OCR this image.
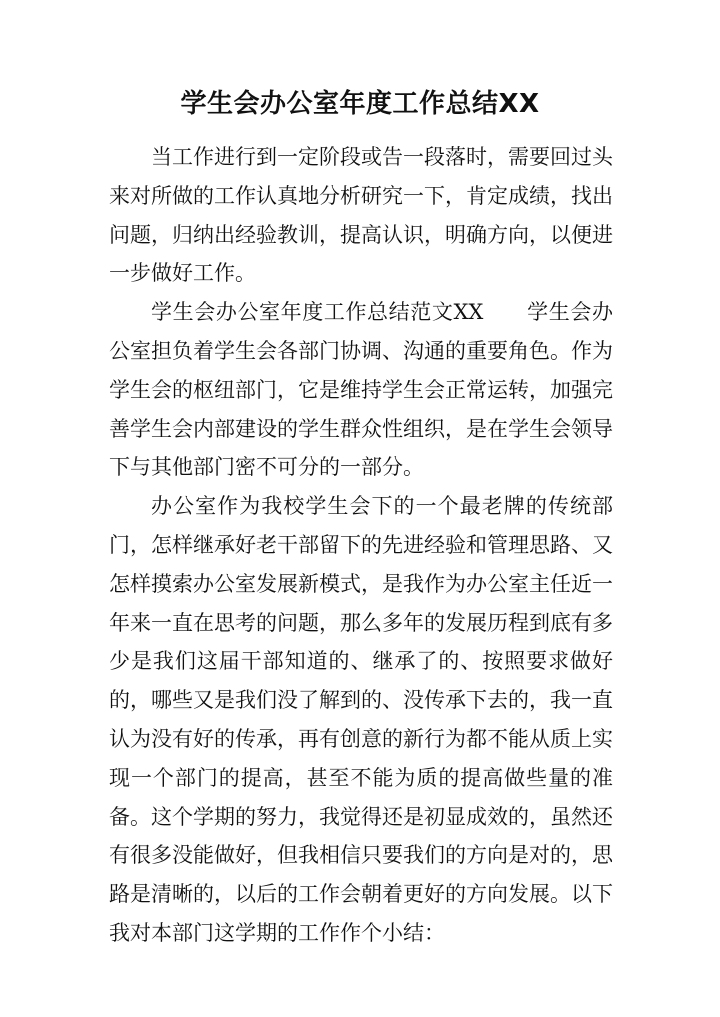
学生会办公室年度工作总结XX

当工作进行到一定阶段或告一段落时，需要回过头来对所做的工作认真地分析研究一下，肯定成绩，找出问题，归纳出经验教训，提高认识，明确方向，以便进一步做好工作。

学生会办公室年度工作总结范文XX　　学生会办公室担负着学生会各部门协调、沟通的重要角色。作为学生会的枢纽部门，它是维持学生会正常运转，加强完善学生会内部建设的学生群众性组织，是在学生会领导下与其他部门密不可分的一部分。

办公室作为我校学生会下的一个最老牌的传统部门，怎样继承好老干部留下的先进经验和管理思路、又怎样摸索办公室发展新模式，是我作为办公室主任近一年来一直在思考的问题，那么多年的发展历程到底有多少是我们这届干部知道的、继承了的、按照要求做好的，哪些又是我们没了解到的、没传承下去的，我一直认为没有好的传承，再有创意的新行为都不能从质上实现一个部门的提高，甚至不能为质的提高做些量的准备。这个学期的努力，我觉得还是初显成效的，虽然还有很多没能做好，但我相信只要我们的方向是对的，思路是清晰的，以后的工作会朝着更好的方向发展。以下我对本部门这学期的工作作个小结：
